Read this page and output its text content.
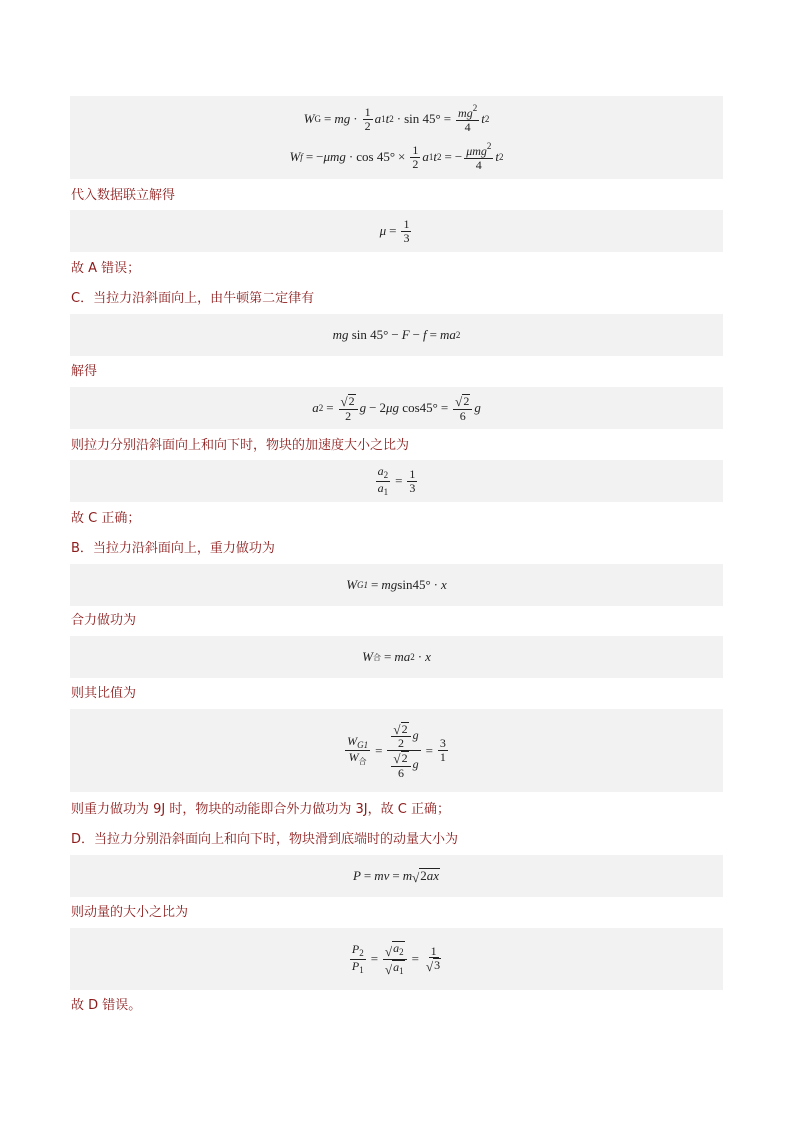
W G = mg · $\frac{1}{2}$ a 1 t $2 \cdot \sin 45^\circ = \frac{mg^2}{4}$ t 2
W f = − $\mu mg \cdot \cos 45^\circ \times \frac{1}{2}$ a 1 t 2 = − $\frac{\mu mg^2}{4}$ t 2
代入数据联立解得
$\mu = \frac{1}{3}$
故 A 错误；
C．当拉力沿斜面向上，由牛顿第二定律有
mg sin 45° − F − f = ma 2
解得
a $2 = \frac{√ 2}{2}$ g − 2 μg $\cos 45^\circ = \frac{√ 2}{6}$ g
则拉力分别沿斜面向上和向下时，物块的加速度大小之比为
$\frac{a_2}{a_1} = \frac{1}{3}$
故 C 正确；
B．当拉力沿斜面向上，重力做功为
W G1 = mg sin45° · x
合力做功为
W 合 = ma 2 · x
则其比值为
$\frac{W_{G1}}{W_合} = \frac{\frac{√ 2}{2} g}{\frac{√ 2}{6} g} = \frac{3}{1}$
则重力做功为 9J 时，物块的动能即合外力做功为 3J，故 C 正确；
D．当拉力分别沿斜面向上和向下时，物块滑到底端时的动量大小为
P = mv = m √ 2ax
则动量的大小之比为
$\frac{P_2}{P_1} = \frac{√ a_2}{√ a_1} = \frac{1}{√ 3}$
故 D 错误。
